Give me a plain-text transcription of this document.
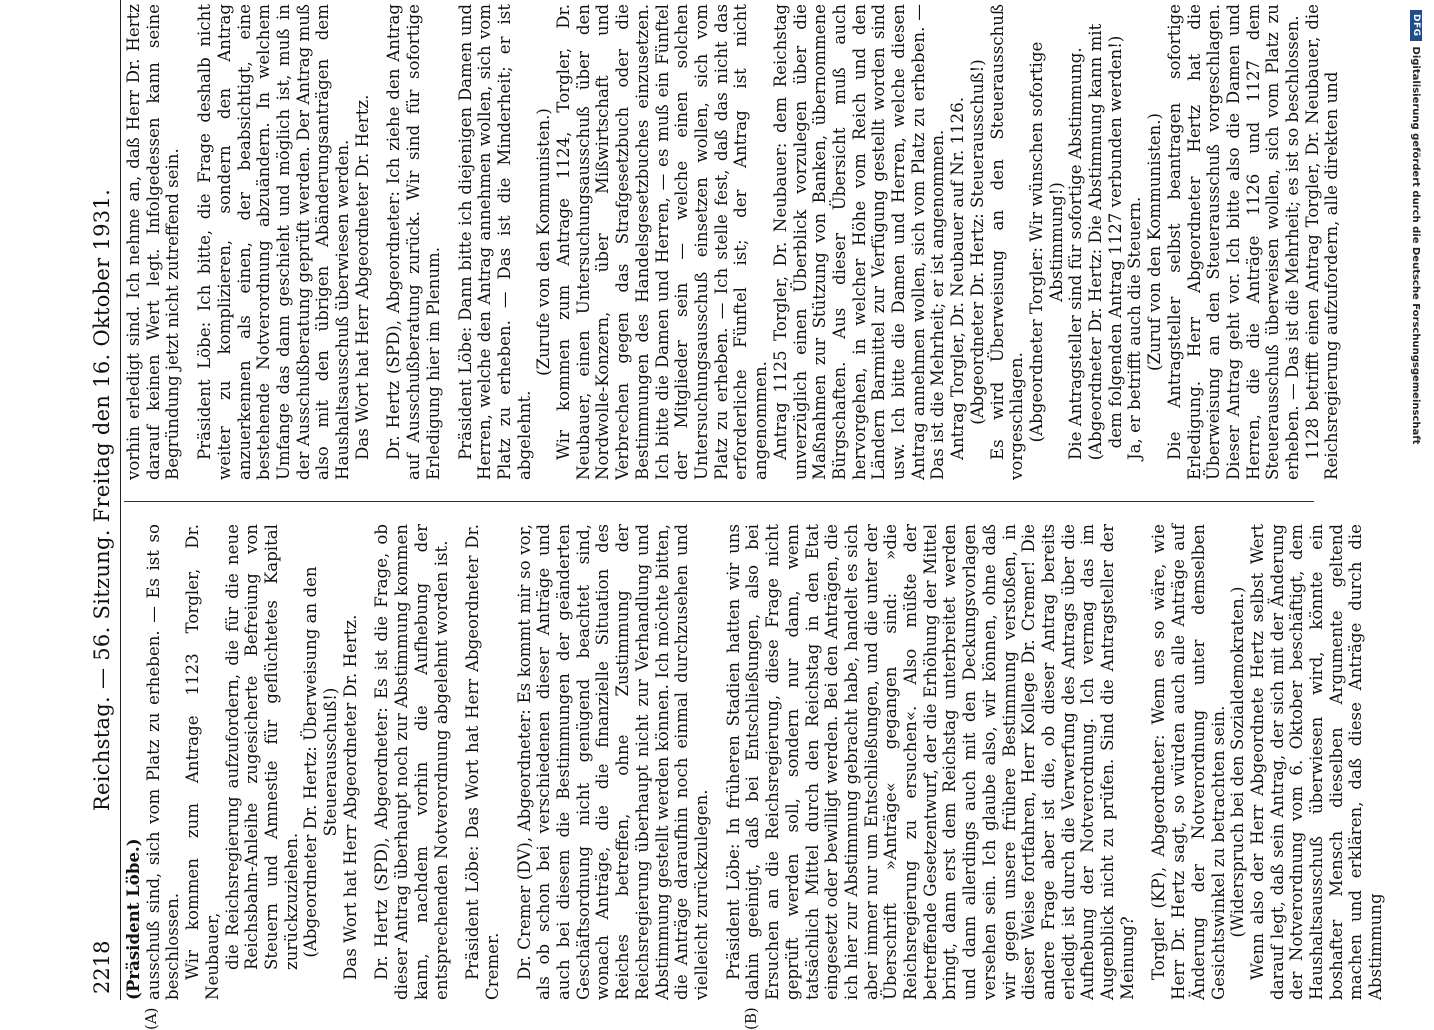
2218
Reichstag. — 56. Sitzung. Freitag den 16. Oktober 1931.
(A)	(B)

(Präsident Löbe.) ausschuß sind, sich vom Platz zu erheben. — Es ist so beschlossen. Wir kommen zum Antrage 1123 Torgler, Dr. Neubauer, die Reichsregierung aufzufordern, die für die neue Reichsbahn-Anleihe zugesicherte Befreiung von Steuern und Amnestie für geflüchtetes Kapital zurückzuziehen. (Abgeordneter Dr. Hertz: Überweisung an den Steuerausschuß!) Das Wort hat Herr Abgeordneter Dr. Hertz. Dr. Hertz (SPD), Abgeordneter: Es ist die Frage, ob dieser Antrag überhaupt noch zur Abstimmung kommen kann, nachdem vorhin die Aufhebung der entsprechenden Notverordnung abgelehnt worden ist. Präsident Löbe: Das Wort hat Herr Abgeordneter Dr. Cremer. Dr. Cremer (DV), Abgeordneter: Es kommt mir so vor, als ob schon bei verschiedenen dieser Anträge und auch bei diesem die Bestimmungen der geänderten Geschäftsordnung nicht genügend beachtet sind, wonach Anträge, die die finanzielle Situation des Reiches betreffen, ohne Zustimmung der Reichsregierung überhaupt nicht zur Verhandlung und Abstimmung gestellt werden können. Ich möchte bitten, die Anträge daraufhin noch einmal durchzusehen und vielleicht zurückzulegen. Präsident Löbe: In früheren Stadien hatten wir uns dahin geeinigt, daß bei Entschließungen, also bei Ersuchen an die Reichsregierung, diese Frage nicht geprüft werden soll, sondern nur dann, wenn tatsächlich Mittel durch den Reichstag in den Etat eingesetzt oder bewilligt werden. Bei den Anträgen, die ich hier zur Abstimmung gebracht habe, handelt es sich aber immer nur um Entschließungen, und die unter der Überschrift »Anträge« gegangen sind: »die Reichsregierung zu ersuchen«. Also müßte der betreffende Gesetzentwurf, der die Erhöhung der Mittel bringt, dann erst dem Reichstag unterbreitet werden und dann allerdings auch mit den Deckungsvorlagen versehen sein. Ich glaube also, wir können, ohne daß wir gegen unsere frühere Bestimmung verstoßen, in dieser Weise fortfahren, Herr Kollege Dr. Cremer! Die andere Frage aber ist die, ob dieser Antrag bereits erledigt ist durch die Verwerfung des Antrags über die Aufhebung der Notverordnung. Ich vermag das im Augenblick nicht zu prüfen. Sind die Antragsteller der Meinung? Torgler (KP), Abgeordneter: Wenn es so wäre, wie Herr Dr. Hertz sagt, so würden auch alle Anträge auf Änderung der Notverordnung unter demselben Gesichtswinkel zu betrachten sein. (Widerspruch bei den Sozialdemokraten.) Wenn also der Herr Abgeordnete Hertz selbst Wert darauf legt, daß sein Antrag, der sich mit der Änderung der Notverordnung vom 6. Oktober beschäftigt, dem Haushaltsausschuß überwiesen wird, könnte ein boshafter Mensch dieselben Argumente geltend machen und erklären, daß diese Anträge durch die Abstimmung

vorhin erledigt sind. Ich nehme an, daß Herr Dr. Hertz darauf keinen Wert legt. Infolgedessen kann seine Begründung jetzt nicht zutreffend sein. Präsident Löbe: Ich bitte, die Frage deshalb nicht weiter zu komplizieren, sondern den Antrag anzuerkennen als einen, der beabsichtigt, eine bestehende Notverordnung abzuändern. In welchem Umfange das dann geschieht und möglich ist, muß in der Ausschußberatung geprüft werden. Der Antrag muß also mit den übrigen Abänderungsanträgen dem Haushaltsausschuß überwiesen werden. Das Wort hat Herr Abgeordneter Dr. Hertz. Dr. Hertz (SPD), Abgeordneter: Ich ziehe den Antrag auf Ausschußberatung zurück. Wir sind für sofortige Erledigung hier im Plenum. Präsident Löbe: Dann bitte ich diejenigen Damen und Herren, welche den Antrag annehmen wollen, sich vom Platz zu erheben. — Das ist die Minderheit; er ist abgelehnt.

(Zurufe von den Kommunisten.) Wir kommen zum Antrage 1124, Torgler, Dr. Neubauer, einen Untersuchungsausschuß über den Nordwolle-Konzern, über Mißwirtschaft und Verbrechen gegen das Strafgesetzbuch oder die Bestimmungen des Handelsgesetzbuches einzusetzen. Ich bitte die Damen und Herren, — es muß ein Fünftel der Mitglieder sein — welche einen solchen Untersuchungsausschuß einsetzen wollen, sich vom Platz zu erheben. — Ich stelle fest, daß das nicht das erforderliche Fünftel ist; der Antrag ist nicht angenommen. Antrag 1125 Torgler, Dr. Neubauer: dem Reichstag unverzüglich einen Überblick vorzulegen über die Maßnahmen zur Stützung von Banken, übernommene Bürgschaften. Aus dieser Übersicht muß auch hervorgehen, in welcher Höhe vom Reich und den Ländern Barmittel zur Verfügung gestellt worden sind usw. Ich bitte die Damen und Herren, welche diesen Antrag annehmen wollen, sich vom Platz zu erheben. — Das ist die Mehrheit; er ist angenommen. Antrag Torgler, Dr. Neubauer auf Nr. 1126. (Abgeordneter Dr. Hertz: Steuerausschuß!) Es wird Überweisung an den Steuerausschuß vorgeschlagen. (Abgeordneter Torgler: Wir wünschen sofortige Abstimmung!) Die Antragsteller sind für sofortige Abstimmung. (Abgeordneter Dr. Hertz: Die Abstimmung kann mit dem folgenden Antrag 1127 verbunden werden!) Ja, er betrifft auch die Steuern. (Zuruf von den Kommunisten.) Die Antragsteller selbst beantragen sofortige Erledigung. Herr Abgeordneter Hertz hat die Überweisung an den Steuerausschuß vorgeschlagen. Dieser Antrag geht vor. Ich bitte also die Damen und Herren, die die Anträge 1126 und 1127 dem Steuerausschuß überweisen wollen, sich vom Platz zu erheben. — Das ist die Mehrheit; es ist so beschlossen. 1128 betrifft einen Antrag Torgler, Dr. Neubauer, die Reichsregierung aufzufordern, alle direkten und

DFG
Digitalisierung gefördert durch die Deutsche Forschungsgemeinschaft
